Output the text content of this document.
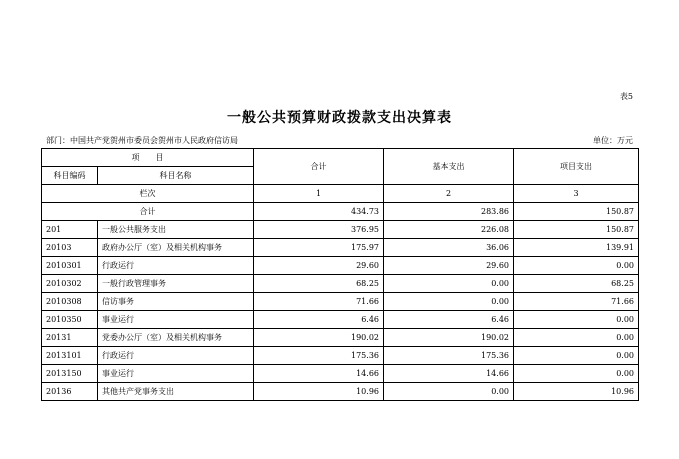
表5
一般公共预算财政拨款支出决算表
部门：中国共产党贺州市委员会贺州市人民政府信访局	单位：万元
项　　目		合计	基本支出	项目支出
科目编码	科目名称			
栏次		1	2	3
合计		434.73	283.86	150.87
201	一般公共服务支出	376.95	226.08	150.87
20103	政府办公厅（室）及相关机构事务	175.97	36.06	139.91
2010301	行政运行	29.60	29.60	0.00
2010302	一般行政管理事务	68.25	0.00	68.25
2010308	信访事务	71.66	0.00	71.66
2010350	事业运行	6.46	6.46	0.00
20131	党委办公厅（室）及相关机构事务	190.02	190.02	0.00
2013101	行政运行	175.36	175.36	0.00
2013150	事业运行	14.66	14.66	0.00
20136	其他共产党事务支出	10.96	0.00	10.96
